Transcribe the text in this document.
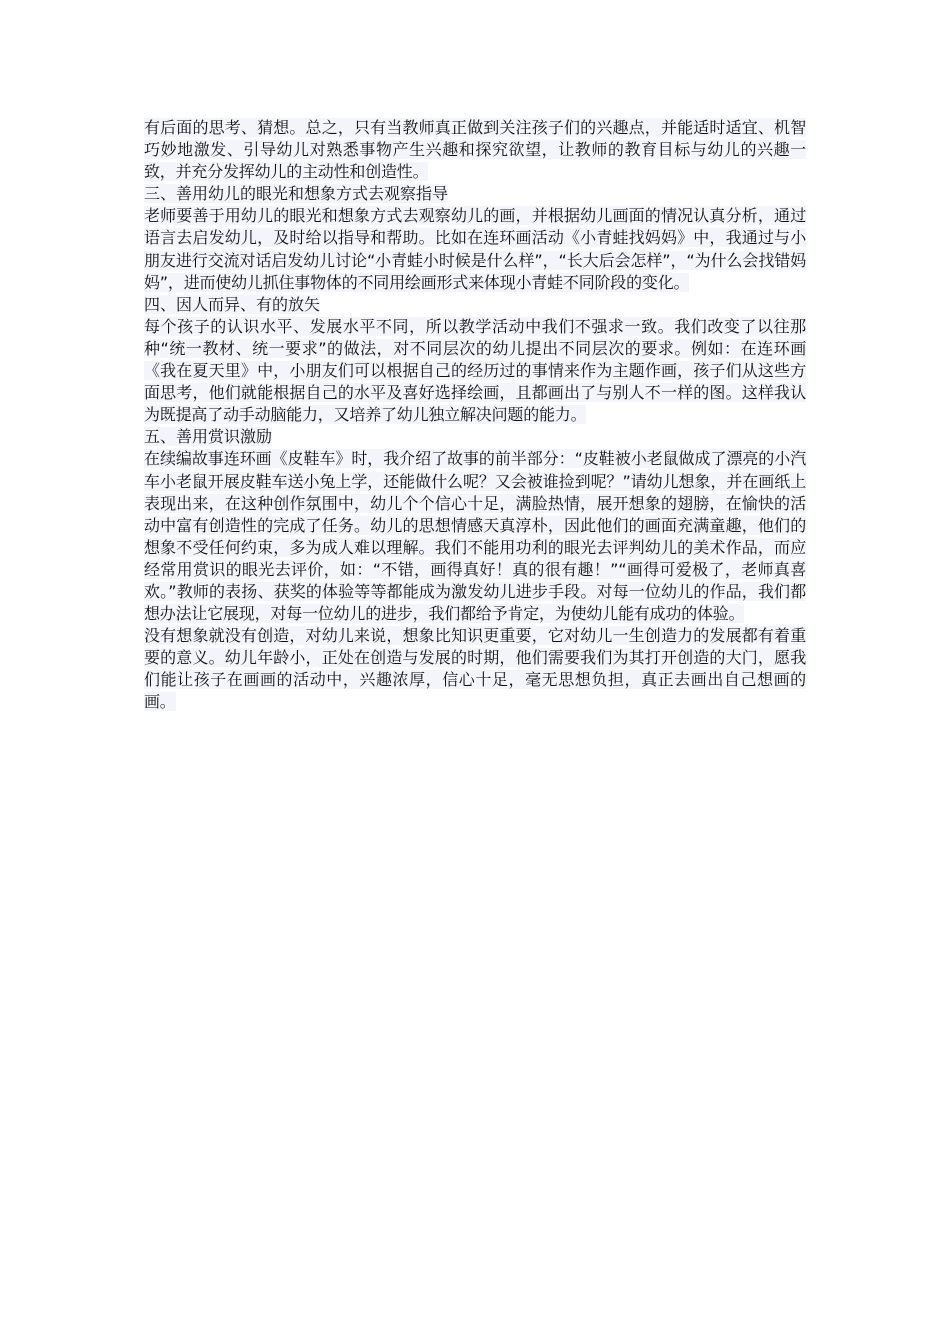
有后面的思考、猜想。总之，只有当教师真正做到关注孩子们的兴趣点，并能适时适宜、机智巧妙地激发、引导幼儿对熟悉事物产生兴趣和探究欲望，让教师的教育目标与幼儿的兴趣一致，并充分发挥幼儿的主动性和创造性。

三、善用幼儿的眼光和想象方式去观察指导

老师要善于用幼儿的眼光和想象方式去观察幼儿的画，并根据幼儿画面的情况认真分析，通过语言去启发幼儿，及时给以指导和帮助。比如在连环画活动《小青蛙找妈妈》中，我通过与小朋友进行交流对话启发幼儿讨论“小青蛙小时候是什么样”，“长大后会怎样”，“为什么会找错妈妈”，进而使幼儿抓住事物体的不同用绘画形式来体现小青蛙不同阶段的变化。

四、因人而异、有的放矢

每个孩子的认识水平、发展水平不同，所以教学活动中我们不强求一致。我们改变了以往那种“统一教材、统一要求”的做法，对不同层次的幼儿提出不同层次的要求。例如：在连环画《我在夏天里》中，小朋友们可以根据自己的经历过的事情来作为主题作画，孩子们从这些方面思考，他们就能根据自己的水平及喜好选择绘画，且都画出了与别人不一样的图。这样我认为既提高了动手动脑能力，又培养了幼儿独立解决问题的能力。

五、善用赏识激励

在续编故事连环画《皮鞋车》时，我介绍了故事的前半部分：“皮鞋被小老鼠做成了漂亮的小汽车小老鼠开展皮鞋车送小兔上学，还能做什么呢？又会被谁捡到呢？”请幼儿想象，并在画纸上表现出来，在这种创作氛围中，幼儿个个信心十足，满脸热情，展开想象的翅膀，在愉快的活动中富有创造性的完成了任务。幼儿的思想情感天真淳朴，因此他们的画面充满童趣，他们的想象不受任何约束，多为成人难以理解。我们不能用功利的眼光去评判幼儿的美术作品，而应经常用赏识的眼光去评价，如：“不错，画得真好！真的很有趣！”“画得可爱极了，老师真喜欢。”教师的表扬、获奖的体验等等都能成为激发幼儿进步手段。对每一位幼儿的作品，我们都想办法让它展现，对每一位幼儿的进步，我们都给予肯定，为使幼儿能有成功的体验。

没有想象就没有创造，对幼儿来说，想象比知识更重要，它对幼儿一生创造力的发展都有着重要的意义。幼儿年龄小，正处在创造与发展的时期，他们需要我们为其打开创造的大门，愿我们能让孩子在画画的活动中，兴趣浓厚，信心十足，毫无思想负担，真正去画出自己想画的画。
